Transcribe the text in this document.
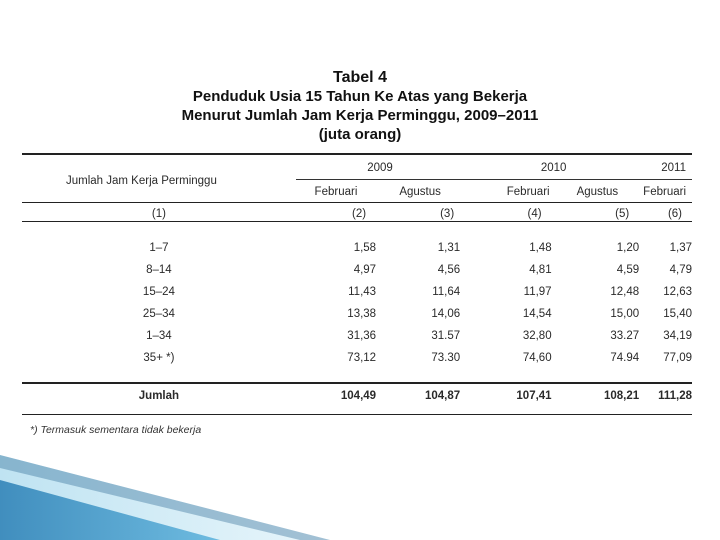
Tabel 4
Penduduk Usia 15 Tahun Ke Atas yang Bekerja
Menurut Jumlah Jam Kerja Perminggu, 2009–2011
(juta orang)
Jumlah Jam Kerja Perminggu	2009		2010		2011
	Februari	Agustus	Februari	Agustus	Februari
(1)	(2)	(3)	(4)	(5)	(6)

1–7	1,58	1,31	1,48	1,20	1,37
8–14	4,97	4,56	4,81	4,59	4,79
15–24	11,43	11,64	11,97	12,48	12,63
25–34	13,38	14,06	14,54	15,00	15,40
1–34	31,36	31.57	32,80	33.27	34,19
35+ *)	73,12	73.30	74,60	74.94	77,09

Jumlah	104,49	104,87	107,41	108,21	111,28
*) Termasuk sementara tidak bekerja
